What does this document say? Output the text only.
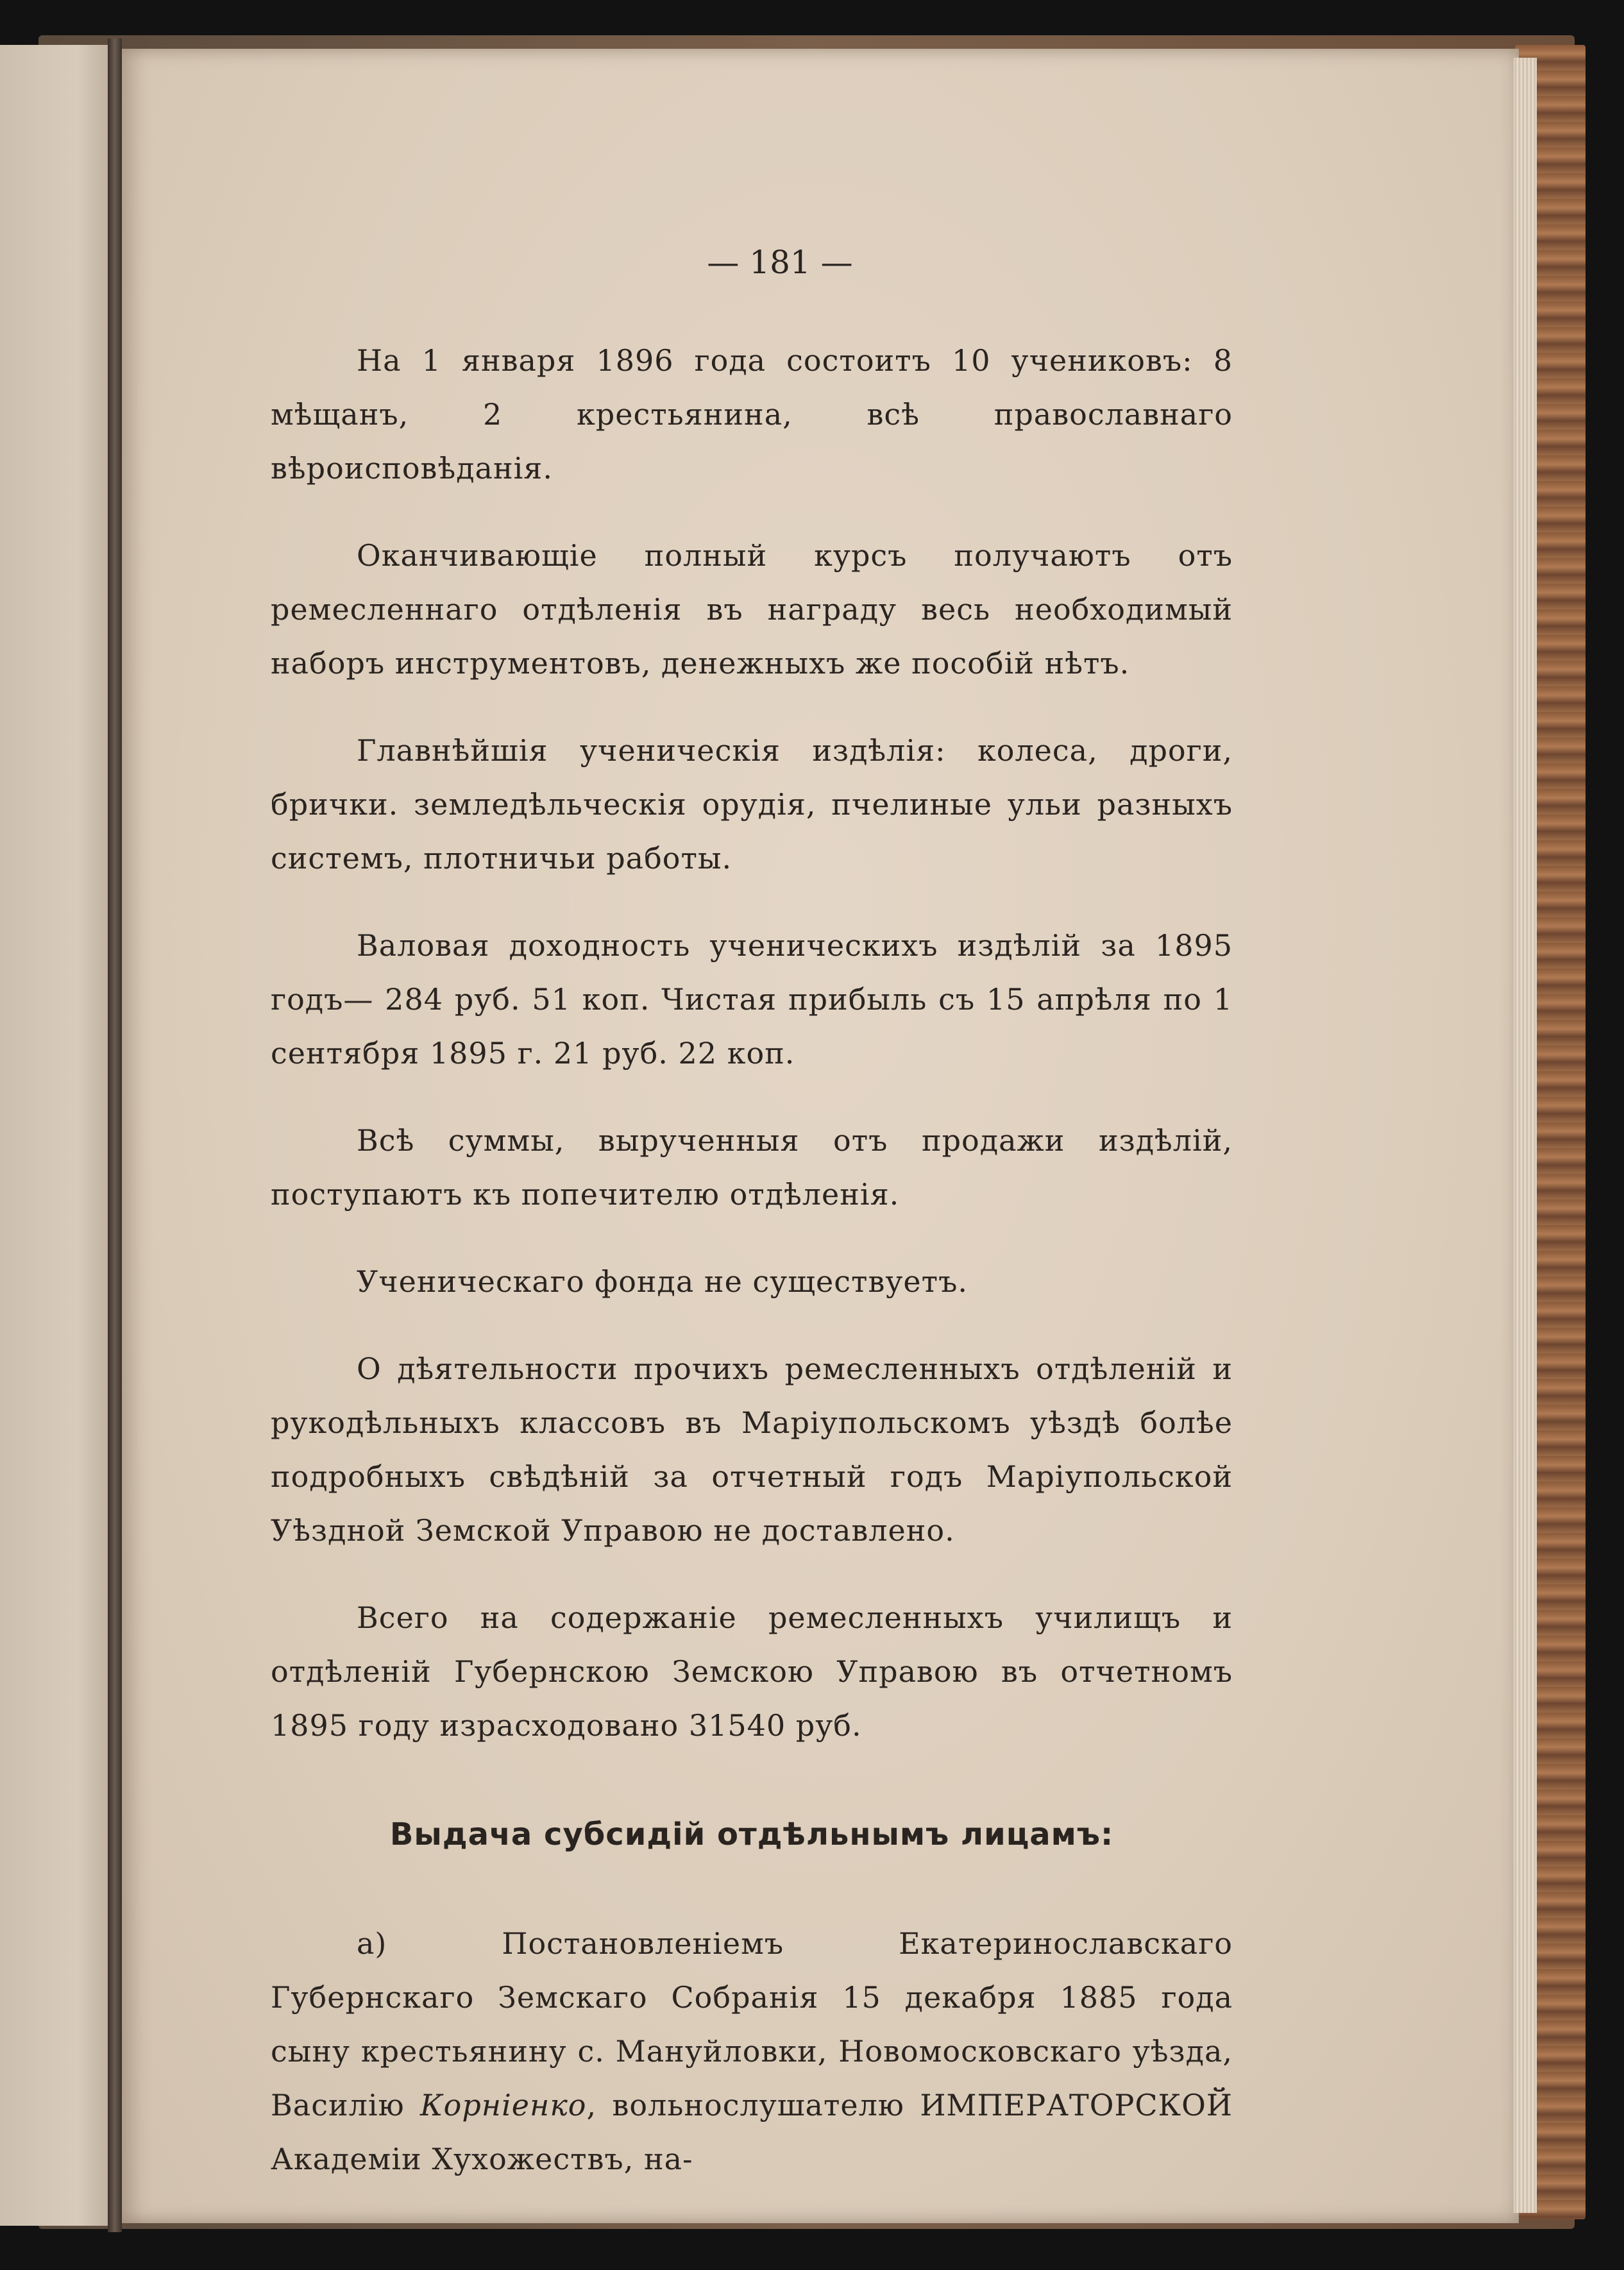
— 181 —

На 1 января 1896 года состоитъ 10 учениковъ: 8 мѣщанъ, 2 крестьянина, всѣ православнаго вѣроисповѣданія.

Оканчивающіе полный курсъ получаютъ отъ ремесленнаго отдѣленія въ награду весь необходимый наборъ инструментовъ, денежныхъ же пособій нѣтъ.

Главнѣйшія ученическія издѣлія: колеса, дроги, брички. земледѣльческія орудія, пчелиные ульи разныхъ системъ, плотничьи работы.

Валовая доходность ученическихъ издѣлій за 1895 годъ— 284 руб. 51 коп. Чистая прибыль съ 15 апрѣля по 1 сентября 1895 г. 21 руб. 22 коп.

Всѣ суммы, вырученныя отъ продажи издѣлій, поступаютъ къ попечителю отдѣленія.

Ученическаго фонда не существуетъ.

О дѣятельности прочихъ ремесленныхъ отдѣленій и рукодѣльныхъ классовъ въ Маріупольскомъ уѣздѣ болѣе подробныхъ свѣдѣній за отчетный годъ Маріупольской Уѣздной Земской Управою не доставлено.

Всего на содержаніе ремесленныхъ училищъ и отдѣленій Губернскою Земскою Управою въ отчетномъ 1895 году израсходовано 31540 руб.

Выдача субсидій отдѣльнымъ лицамъ:

а) Постановленіемъ Екатеринославскаго Губернскаго Земскаго Собранія 15 декабря 1885 года сыну крестьянину с. Мануйловки, Новомосковскаго уѣзда, Василію Корніенко, вольнослушателю ИМПЕРАТОРСКОЙ Академіи Хухожествъ, на-
